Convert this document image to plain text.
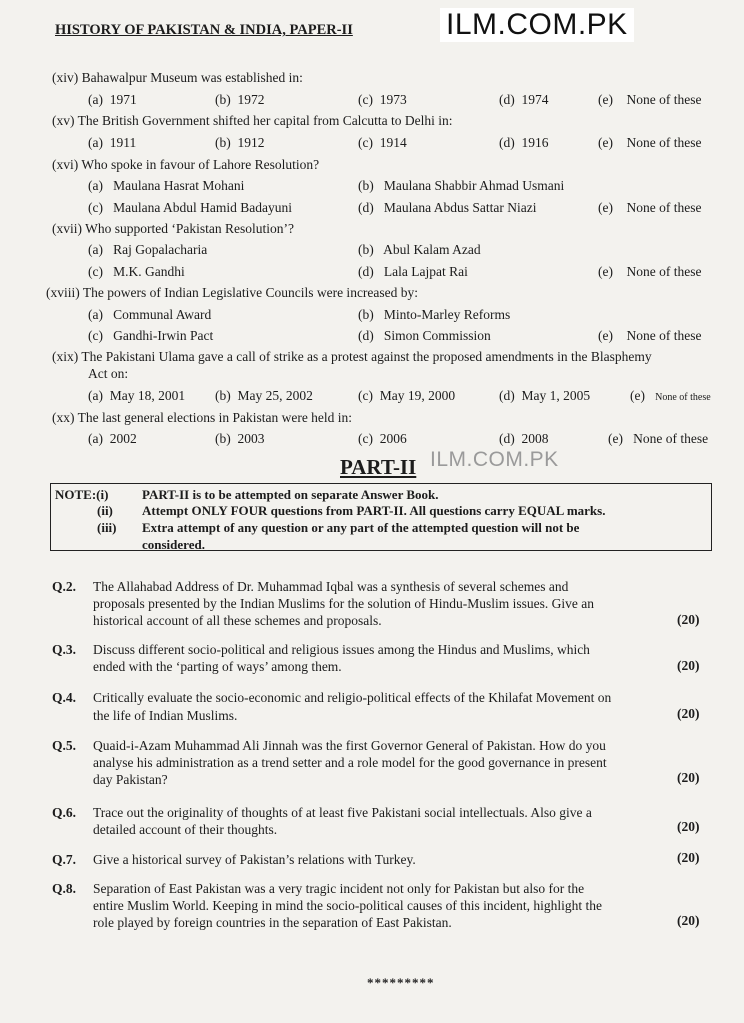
HISTORY OF PAKISTAN & INDIA, PAPER-II	ILM.COM.PK
(xiv) Bahawalpur Museum was established in:
(a) 1971	(b) 1972	(c) 1973	(d) 1974	(e) None of these
(xv) The British Government shifted her capital from Calcutta to Delhi in:
(a) 1911	(b) 1912	(c) 1914	(d) 1916	(e) None of these
(xvi) Who spoke in favour of Lahore Resolution?
(a) Maulana Hasrat Mohani	(b) Maulana Shabbir Ahmad Usmani
(c) Maulana Abdul Hamid Badayuni	(d) Maulana Abdus Sattar Niazi	(e) None of these
(xvii) Who supported ‘Pakistan Resolution’?
(a) Raj Gopalacharia	(b) Abul Kalam Azad
(c) M.K. Gandhi	(d) Lala Lajpat Rai	(e) None of these
(xviii) The powers of Indian Legislative Councils were increased by:
(a) Communal Award	(b) Minto-Marley Reforms
(c) Gandhi-Irwin Pact	(d) Simon Commission	(e) None of these
(xix) The Pakistani Ulama gave a call of strike as a protest against the proposed amendments in the Blasphemy
Act on:
(a) May 18, 2001 (b) May 25, 2002	(c) May 19, 2000	(d) May 1, 2005	(e) None of these
(xx) The last general elections in Pakistan were held in:
(a) 2002	(b) 2003	(c) 2006	(d) 2008	(e) None of these
PART-II ILM.COM.PK
NOTE:(i)	PART-II is to be attempted on separate Answer Book.
(ii) Attempt ONLY FOUR questions from PART-II. All questions carry EQUAL marks.
(iii) Extra attempt of any question or any part of the attempted question will not be
considered.
Q.2. The Allahabad Address of Dr. Muhammad Iqbal was a synthesis of several schemes and
proposals presented by the Indian Muslims for the solution of Hindu-Muslim issues. Give an
historical account of all these schemes and proposals.	(20)
Q.3. Discuss different socio-political and religious issues among the Hindus and Muslims, which
ended with the ‘parting of ways’ among them.	(20)
Q.4. Critically evaluate the socio-economic and religio-political effects of the Khilafat Movement on
the life of Indian Muslims.	(20)
Q.5. Quaid-i-Azam Muhammad Ali Jinnah was the first Governor General of Pakistan. How do you
analyse his administration as a trend setter and a role model for the good governance in present
day Pakistan?	(20)
Q.6. Trace out the originality of thoughts of at least five Pakistani social intellectuals. Also give a
detailed account of their thoughts.	(20)
Q.7. Give a historical survey of Pakistan’s relations with Turkey.	(20)
Q.8. Separation of East Pakistan was a very tragic incident not only for Pakistan but also for the
entire Muslim World. Keeping in mind the socio-political causes of this incident, highlight the
role played by foreign countries in the separation of East Pakistan.	(20)
*********
